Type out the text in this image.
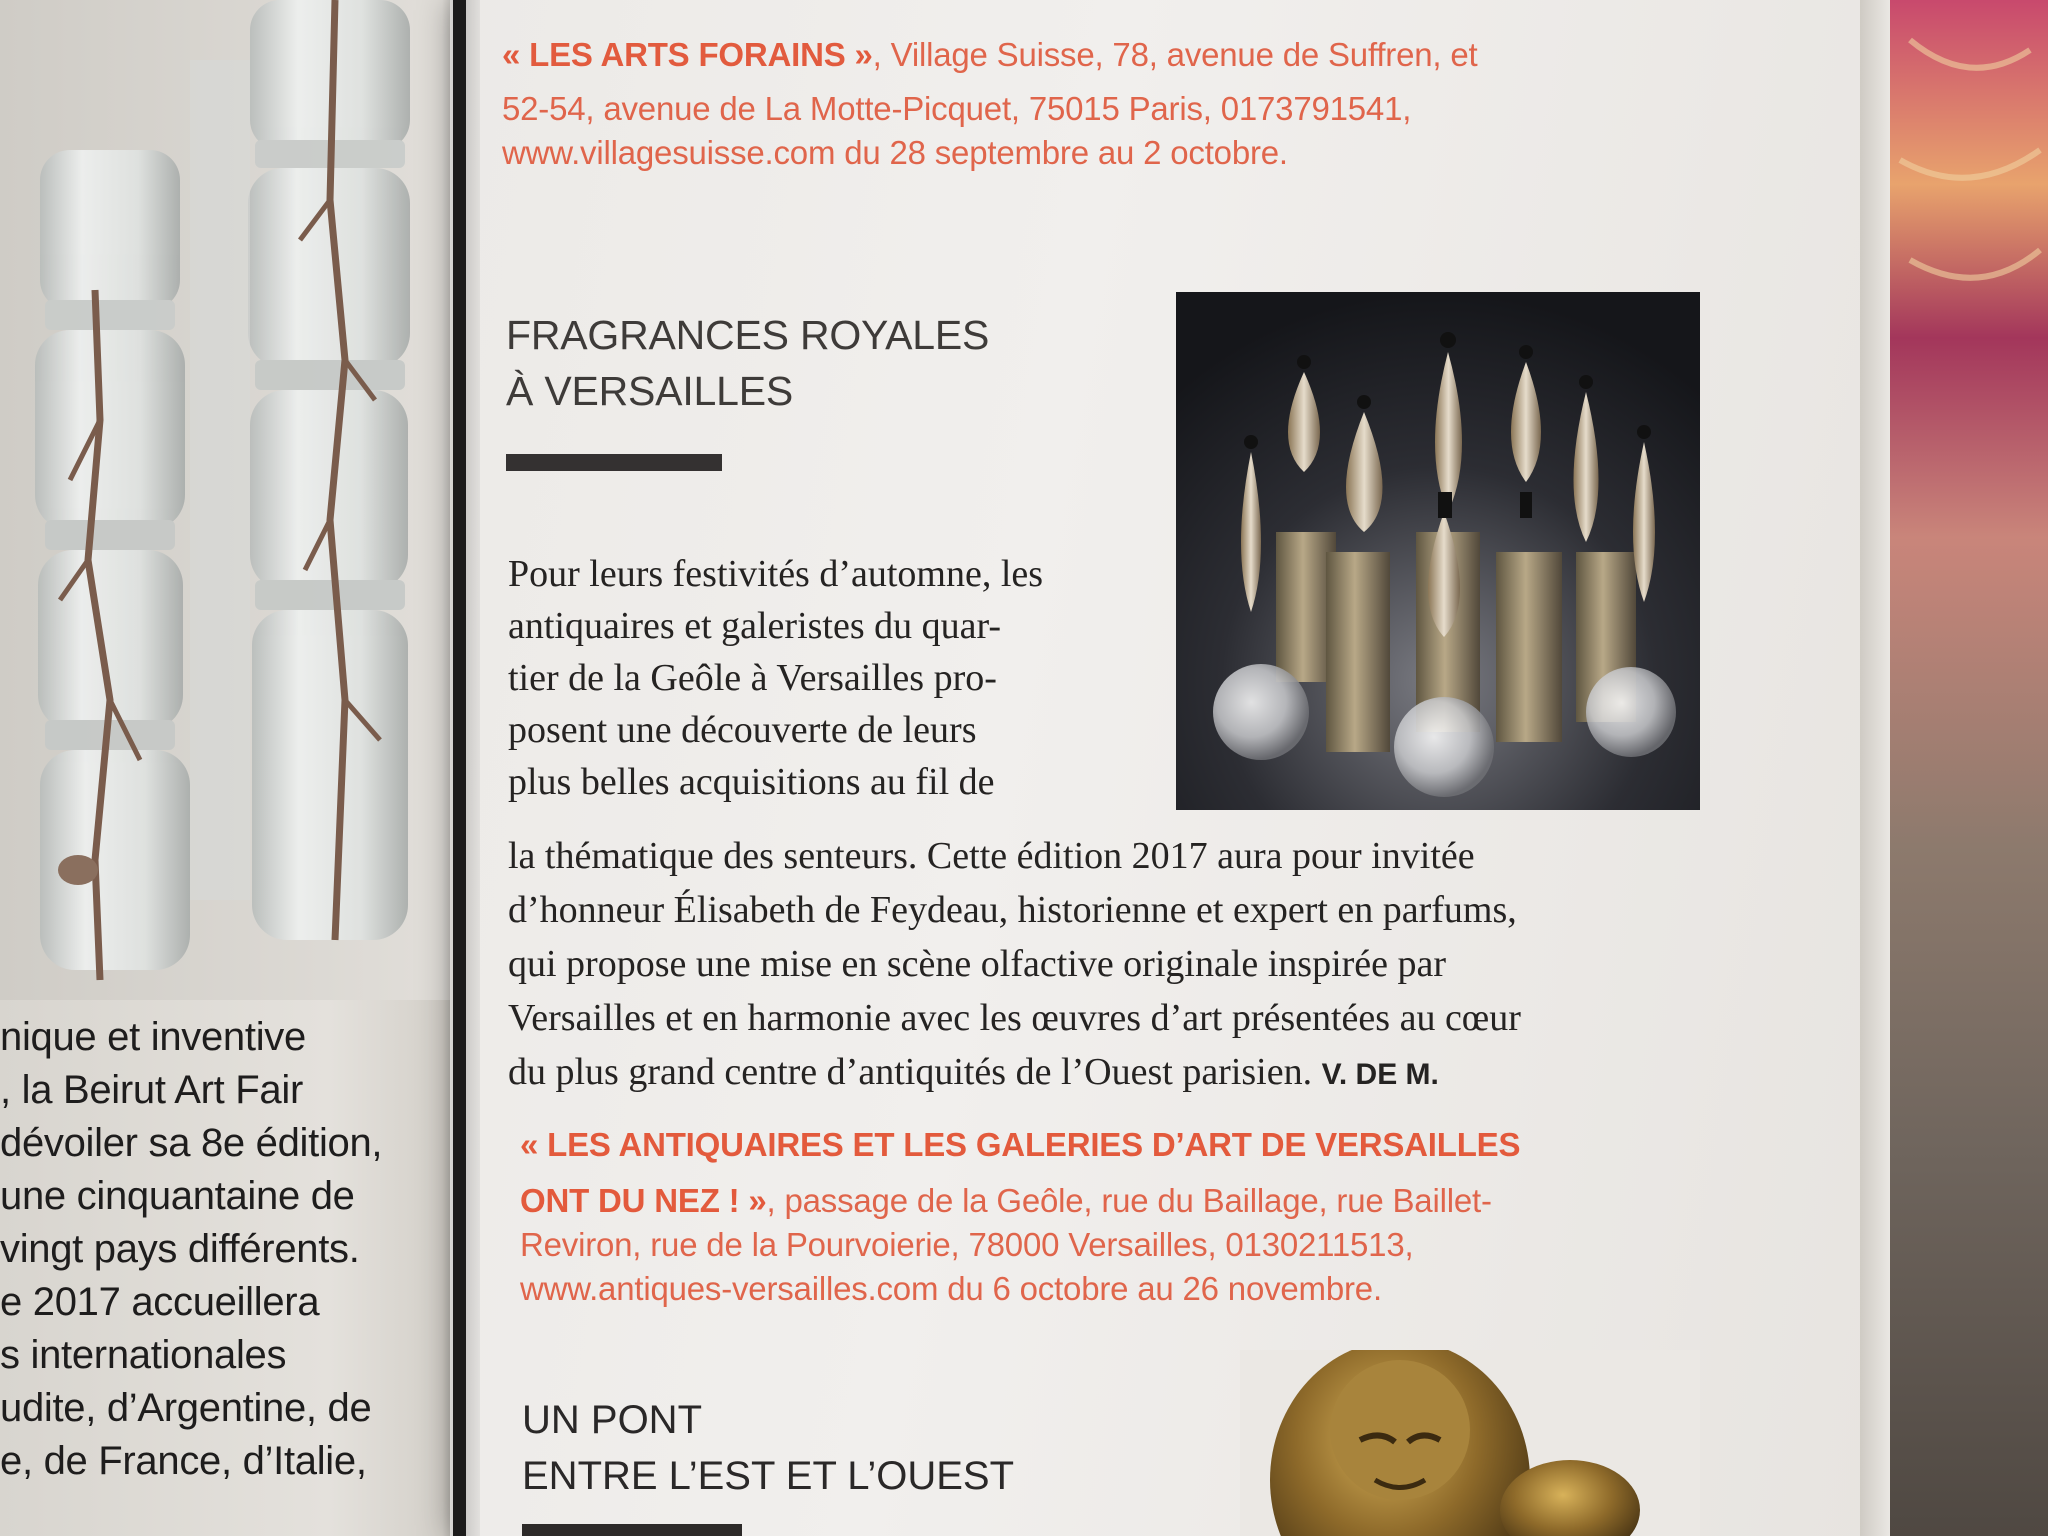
nique et inventive
, la Beirut Art Fair
dévoiler sa 8e édition,
une cinquantaine de
vingt pays différents.
e 2017 accueillera
s internationales
udite, d’Argentine, de
e, de France, d’Italie,
« LES ARTS FORAINS », Village Suisse, 78, avenue de Suffren, et
52-54, avenue de La Motte-Picquet, 75015 Paris, 0173791541,
www.villagesuisse.com du 28 septembre au 2 octobre.
FRAGRANCES ROYALES
À VERSAILLES
Pour leurs festivités d’automne, les
antiquaires et galeristes du quar-
tier de la Geôle à Versailles pro-
posent une découverte de leurs
plus belles acquisitions au fil de
la thématique des senteurs. Cette édition 2017 aura pour invitée
d’honneur Élisabeth de Feydeau, historienne et expert en parfums,
qui propose une mise en scène olfactive originale inspirée par
Versailles et en harmonie avec les œuvres d’art présentées au cœur
du plus grand centre d’antiquités de l’Ouest parisien. V. DE M.
« LES ANTIQUAIRES ET LES GALERIES D’ART DE VERSAILLES
ONT DU NEZ ! », passage de la Geôle, rue du Baillage, rue Baillet-
Reviron, rue de la Pourvoierie, 78000 Versailles, 0130211513,
www.antiques-versailles.com du 6 octobre au 26 novembre.
UN PONT
ENTRE L’EST ET L’OUEST
